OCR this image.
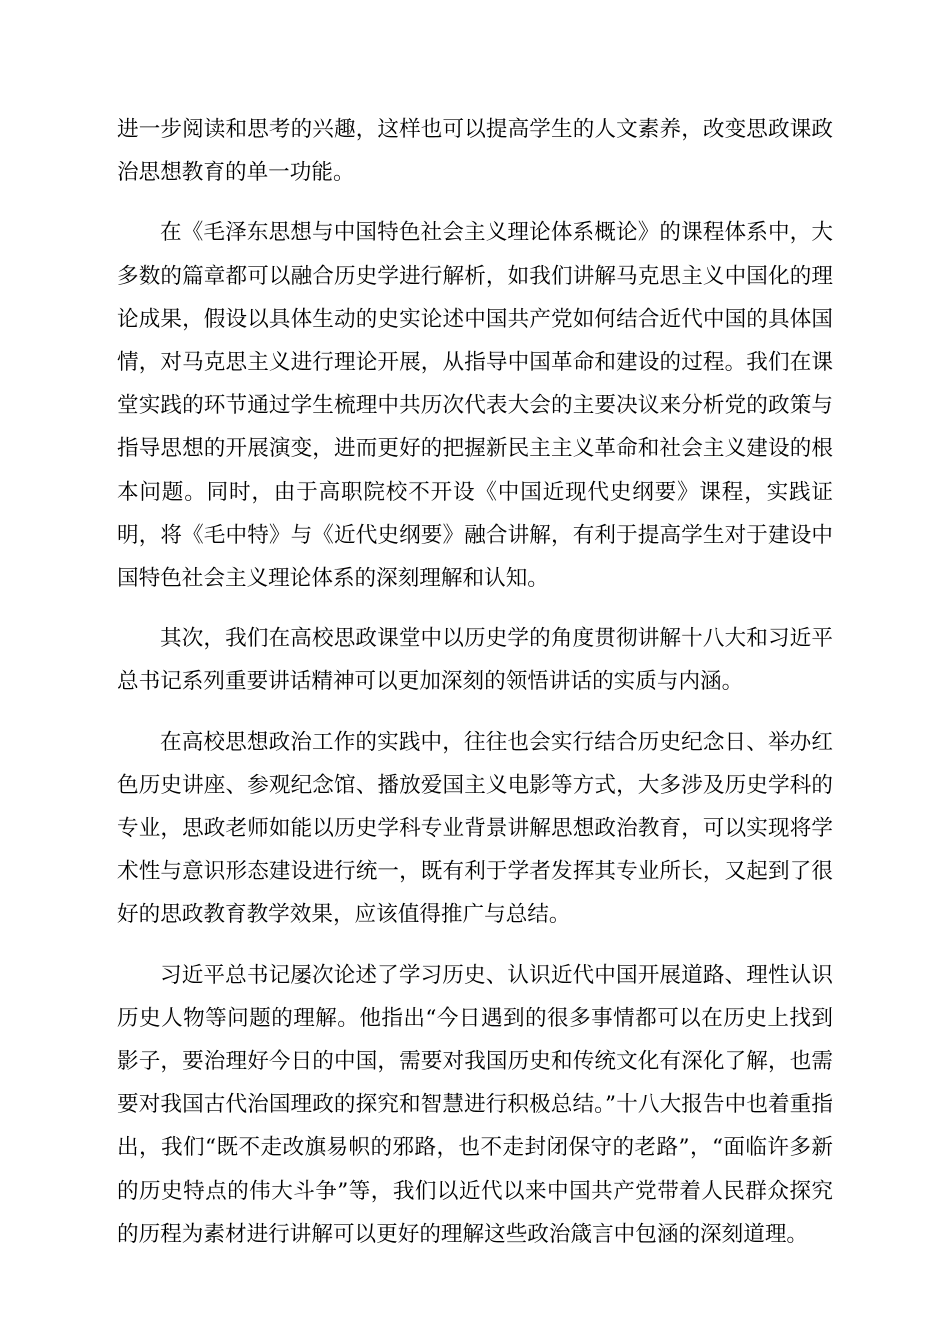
进一步阅读和思考的兴趣，这样也可以提高学生的人文素养，改变思政课政治思想教育的单一功能。

在《毛泽东思想与中国特色社会主义理论体系概论》的课程体系中，大多数的篇章都可以融合历史学进行解析，如我们讲解马克思主义中国化的理论成果，假设以具体生动的史实论述中国共产党如何结合近代中国的具体国情，对马克思主义进行理论开展，从指导中国革命和建设的过程。我们在课堂实践的环节通过学生梳理中共历次代表大会的主要决议来分析党的政策与指导思想的开展演变，进而更好的把握新民主主义革命和社会主义建设的根本问题。同时，由于高职院校不开设《中国近现代史纲要》课程，实践证明，将《毛中特》与《近代史纲要》融合讲解，有利于提高学生对于建设中国特色社会主义理论体系的深刻理解和认知。

其次，我们在高校思政课堂中以历史学的角度贯彻讲解十八大和习近平总书记系列重要讲话精神可以更加深刻的领悟讲话的实质与内涵。

在高校思想政治工作的实践中，往往也会实行结合历史纪念日、举办红色历史讲座、参观纪念馆、播放爱国主义电影等方式，大多涉及历史学科的专业，思政老师如能以历史学科专业背景讲解思想政治教育，可以实现将学术性与意识形态建设进行统一，既有利于学者发挥其专业所长，又起到了很好的思政教育教学效果，应该值得推广与总结。

习近平总书记屡次论述了学习历史、认识近代中国开展道路、理性认识历史人物等问题的理解。他指出“今日遇到的很多事情都可以在历史上找到影子，要治理好今日的中国，需要对我国历史和传统文化有深化了解，也需要对我国古代治国理政的探究和智慧进行积极总结。”十八大报告中也着重指出，我们“既不走改旗易帜的邪路，也不走封闭保守的老路”，“面临许多新的历史特点的伟大斗争”等，我们以近代以来中国共产党带着人民群众探究的历程为素材进行讲解可以更好的理解这些政治箴言中包涵的深刻道理。
